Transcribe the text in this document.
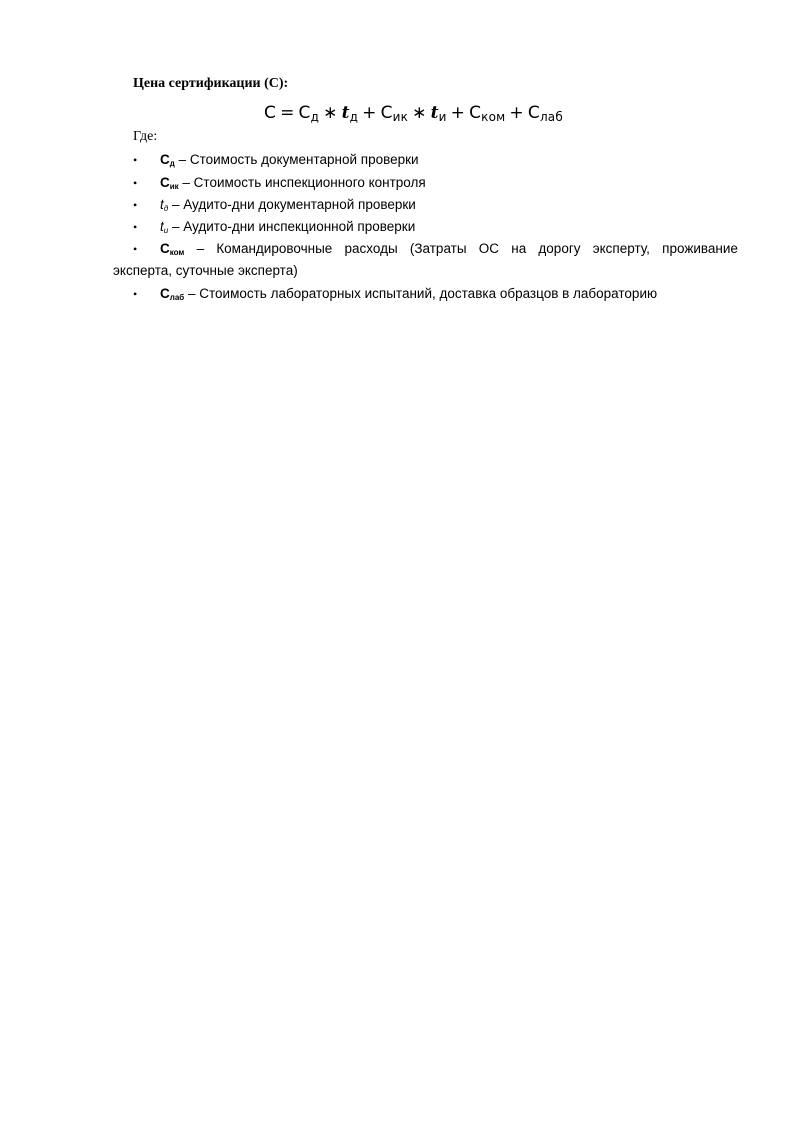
Цена сертификации (С):
$С = С_д$ ∗ $t_д + С_{ик}$ ∗ $t_и + С_{ком} + С_{лаб}$
Где:
• $С_д$ – Стоимость документарной проверки
• $С_{ик}$ – Стоимость инспекционного контроля
• $t_д$ – Аудито-дни документарной проверки
• $t_и$ – Аудито-дни инспекционной проверки
• $С_{ком}$ – Командировочные расходы (Затраты ОС на дорогу эксперту, проживание
эксперта, суточные эксперта)
• $С_{лаб}$ – Стоимость лабораторных испытаний, доставка образцов в лабораторию
